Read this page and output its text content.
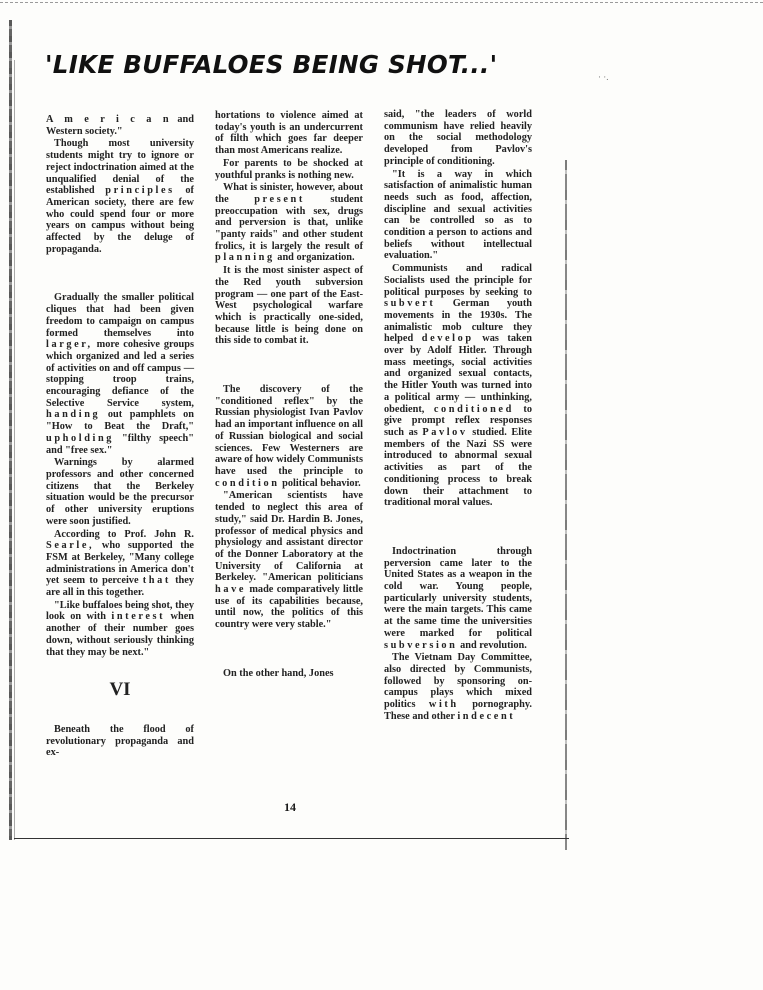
· ·.
'LIKE BUFFALOES BEING SHOT...'

A m e r i c a n and Western society."

Though most university students might try to ignore or reject indoctrination aimed at the unqualified denial of the established principles of American society, there are few who could spend four or more years on campus without being affected by the deluge of propaganda.

Gradually the smaller political cliques that had been given freedom to campaign on campus formed themselves into larger, more cohesive groups which organized and led a series of activities on and off campus — stopping troop trains, encouraging defiance of the Selective Service system, handing out pamphlets on "How to Beat the Draft," upholding "filthy speech" and "free sex."

Warnings by alarmed professors and other concerned citizens that the Berkeley situation would be the precursor of other university eruptions were soon justified.

According to Prof. John R. Searle, who supported the FSM at Berkeley, "Many college administrations in America don't yet seem to perceive that they are all in this together.

"Like buffaloes being shot, they look on with interest when another of their number goes down, without seriously thinking that they may be next."

VI

Beneath the flood of revolutionary propaganda and ex-

hortations to violence aimed at today's youth is an undercurrent of filth which goes far deeper than most Americans realize.

For parents to be shocked at youthful pranks is nothing new.

What is sinister, however, about the present student preoccupation with sex, drugs and perversion is that, unlike "panty raids" and other student frolics, it is largely the result of planning and organization.

It is the most sinister aspect of the Red youth subversion program — one part of the East-West psychological warfare which is practically one-sided, because little is being done on this side to combat it.

The discovery of the "conditioned reflex" by the Russian physiologist Ivan Pavlov had an important influence on all of Russian biological and social sciences. Few Westerners are aware of how widely Communists have used the principle to condition political behavior.

"American scientists have tended to neglect this area of study," said Dr. Hardin B. Jones, professor of medical physics and physiology and assistant director of the Donner Laboratory at the University of California at Berkeley. "American politicians have made comparatively little use of its capabilities because, until now, the politics of this country were very stable."

On the other hand, Jones

said, "the leaders of world communism have relied heavily on the social methodology developed from Pavlov's principle of conditioning.

"It is a way in which satisfaction of animalistic human needs such as food, affection, discipline and sexual activities can be controlled so as to condition a person to actions and beliefs without intellectual evaluation."

Communists and radical Socialists used the principle for political purposes by seeking to subvert German youth movements in the 1930s. The animalistic mob culture they helped develop was taken over by Adolf Hitler. Through mass meetings, social activities and organized sexual contacts, the Hitler Youth was turned into a political army — unthinking, obedient, conditioned to give prompt reflex responses such as Pavlov studied. Elite members of the Nazi SS were introduced to abnormal sexual activities as part of the conditioning process to break down their attachment to traditional moral values.

Indoctrination through perversion came later to the United States as a weapon in the cold war. Young people, particularly university students, were the main targets. This came at the same time the universities were marked for political subversion and revolution.

The Vietnam Day Committee, also directed by Communists, followed by sponsoring on-campus plays which mixed politics with pornography. These and other indecent

14
